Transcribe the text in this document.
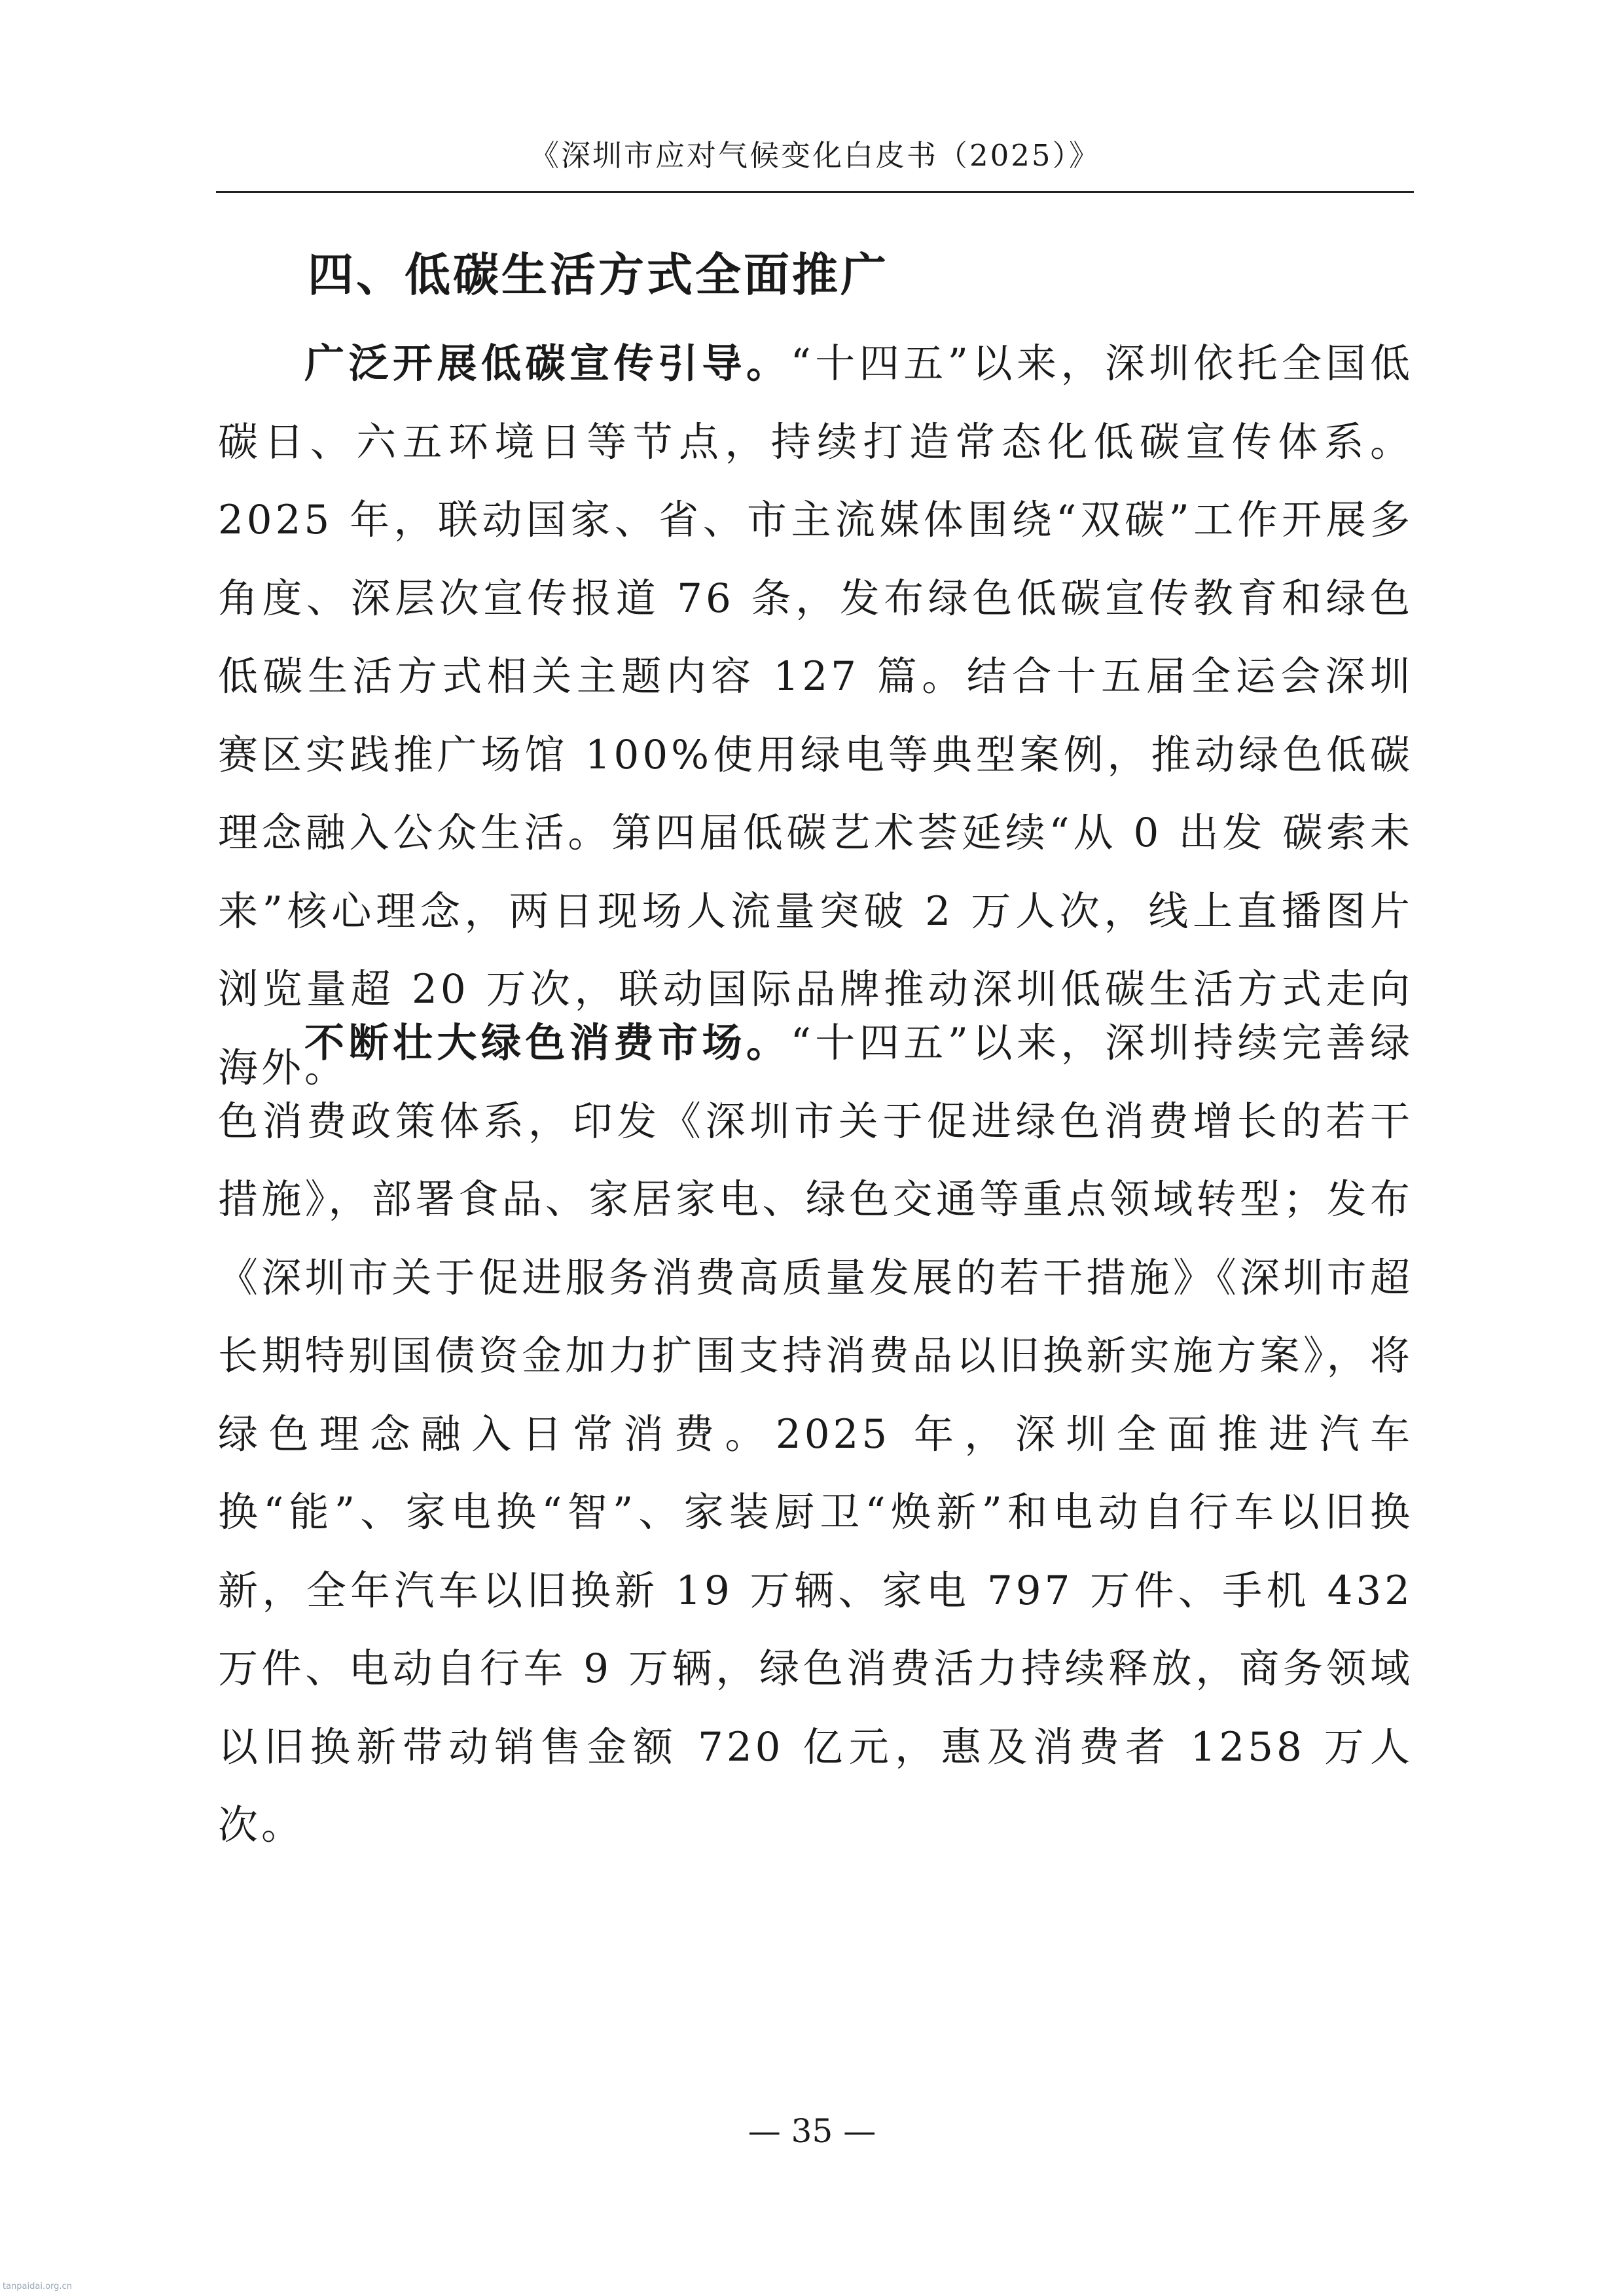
《深圳市应对气候变化白皮书（2025）》
四、低碳生活方式全面推广

广泛开展低碳宣传引导。“十四五”以来，深圳依托全国低碳日、六五环境日等节点，持续打造常态化低碳宣传体系。2025 年，联动国家、省、市主流媒体围绕“双碳”工作开展多角度、深层次宣传报道 76 条，发布绿色低碳宣传教育和绿色低碳生活方式相关主题内容 127 篇。结合十五届全运会深圳赛区实践推广场馆 100%使用绿电等典型案例，推动绿色低碳理念融入公众生活。第四届低碳艺术荟延续“从 0 出发 碳索未来”核心理念，两日现场人流量突破 2 万人次，线上直播图片浏览量超 20 万次，联动国际品牌推动深圳低碳生活方式走向海外。

不断壮大绿色消费市场。“十四五”以来，深圳持续完善绿色消费政策体系，印发《深圳市关于促进绿色消费增长的若干措施》，部署食品、家居家电、绿色交通等重点领域转型；发布《深圳市关于促进服务消费高质量发展的若干措施》《深圳市超长期特别国债资金加力扩围支持消费品以旧换新实施方案》，将绿色理念融入日常消费。2025 年，深圳全面推进汽车换“能”、家电换“智”、家装厨卫“焕新”和电动自行车以旧换新，全年汽车以旧换新 19 万辆、家电 797 万件、手机 432 万件、电动自行车 9 万辆，绿色消费活力持续释放，商务领域以旧换新带动销售金额 720 亿元，惠及消费者 1258 万人次。

— 35 —
tanpaidai.org.cn
